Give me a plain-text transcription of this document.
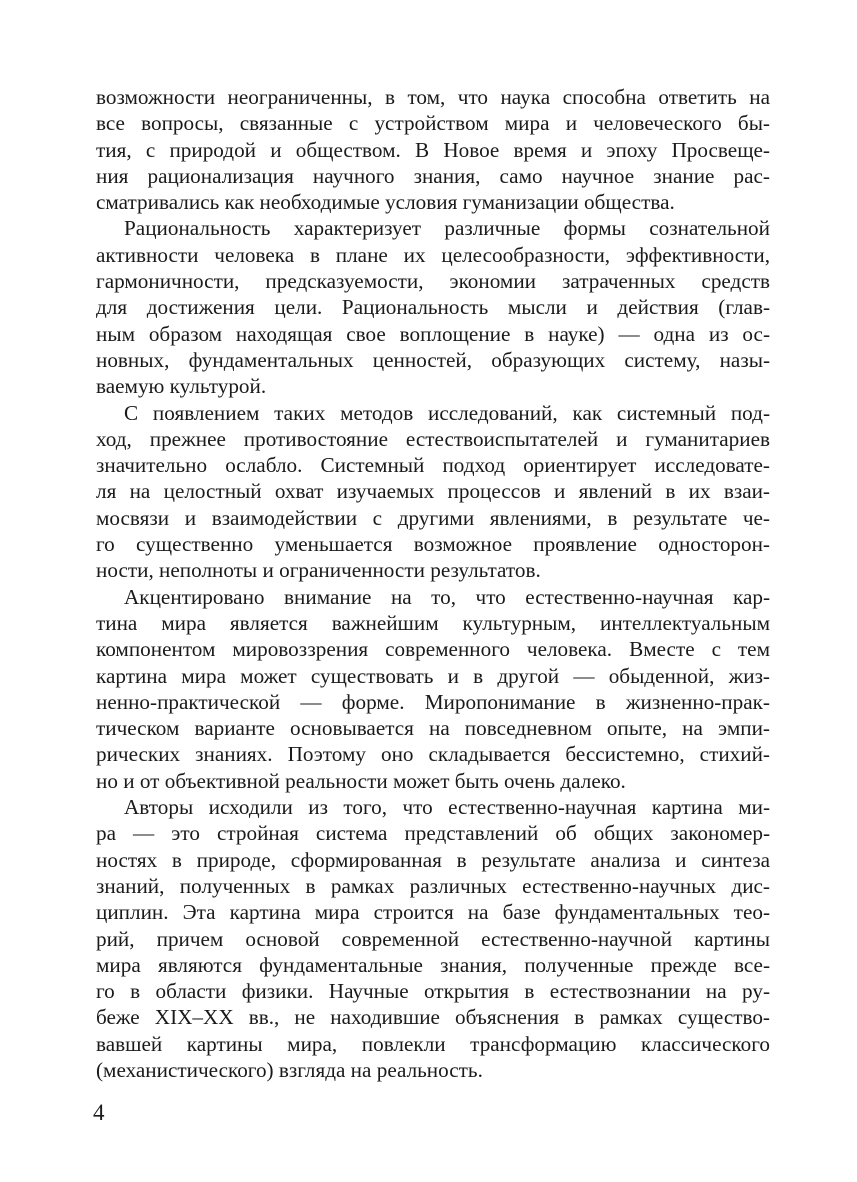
возможности неограниченны, в том, что наука способна ответить на
все вопросы, связанные с устройством мира и человеческого бы-
тия, с природой и обществом. В Новое время и эпоху Просвеще-
ния рационализация научного знания, само научное знание рас-
сматривались как необходимые условия гуманизации общества.
Рациональность характеризует различные формы сознательной
активности человека в плане их целесообразности, эффективности,
гармоничности, предсказуемости, экономии затраченных средств
для достижения цели. Рациональность мысли и действия (глав-
ным образом находящая свое воплощение в науке) — одна из ос-
новных, фундаментальных ценностей, образующих систему, назы-
ваемую культурой.
С появлением таких методов исследований, как системный под-
ход, прежнее противостояние естествоиспытателей и гуманитариев
значительно ослабло. Системный подход ориентирует исследовате-
ля на целостный охват изучаемых процессов и явлений в их взаи-
мосвязи и взаимодействии с другими явлениями, в результате че-
го существенно уменьшается возможное проявление односторон-
ности, неполноты и ограниченности результатов.
Акцентировано внимание на то, что естественно-научная кар-
тина мира является важнейшим культурным, интеллектуальным
компонентом мировоззрения современного человека. Вместе с тем
картина мира может существовать и в другой — обыденной, жиз-
ненно-практической — форме. Миропонимание в жизненно-прак-
тическом варианте основывается на повседневном опыте, на эмпи-
рических знаниях. Поэтому оно складывается бессистемно, стихий-
но и от объективной реальности может быть очень далеко.
Авторы исходили из того, что естественно-научная картина ми-
ра — это стройная система представлений об общих закономер-
ностях в природе, сформированная в результате анализа и синтеза
знаний, полученных в рамках различных естественно-научных дис-
циплин. Эта картина мира строится на базе фундаментальных тео-
рий, причем основой современной естественно-научной картины
мира являются фундаментальные знания, полученные прежде все-
го в области физики. Научные открытия в естествознании на ру-
беже XIX–XX вв., не находившие объяснения в рамках существо-
вавшей картины мира, повлекли трансформацию классического
(механистического) взгляда на реальность.
4
